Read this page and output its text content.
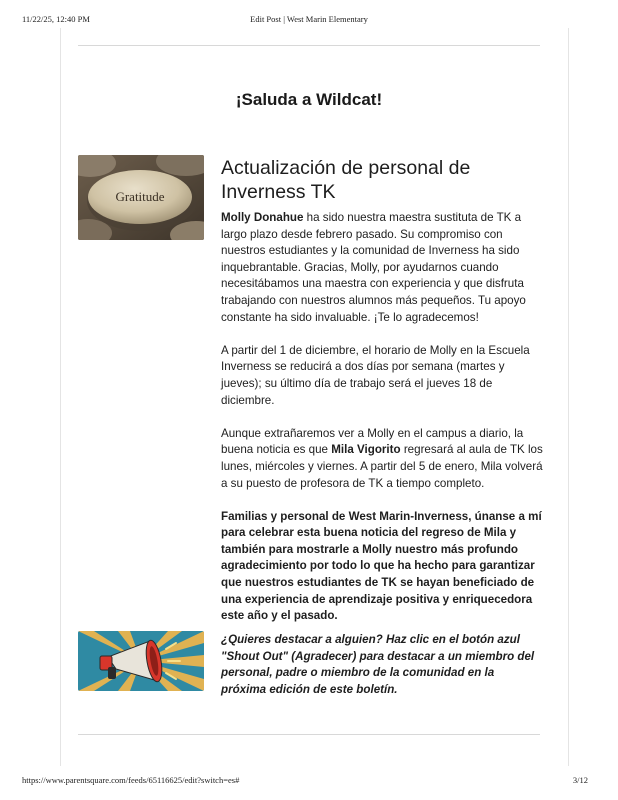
11/22/25, 12:40 PM	Edit Post | West Marin Elementary
¡Saluda a Wildcat!
Gratitude
Actualización de personal de Inverness TK

Molly Donahue ha sido nuestra maestra sustituta de TK a largo plazo desde febrero pasado. Su compromiso con nuestros estudiantes y la comunidad de Inverness ha sido inquebrantable. Gracias, Molly, por ayudarnos cuando necesitábamos una maestra con experiencia y que disfruta trabajando con nuestros alumnos más pequeños. Tu apoyo constante ha sido invaluable. ¡Te lo agradecemos!

A partir del 1 de diciembre, el horario de Molly en la Escuela Inverness se reducirá a dos días por semana (martes y jueves); su último día de trabajo será el jueves 18 de diciembre.

Aunque extrañaremos ver a Molly en el campus a diario, la buena noticia es que Mila Vigorito regresará al aula de TK los lunes, miércoles y viernes. A partir del 5 de enero, Mila volverá a su puesto de profesora de TK a tiempo completo.

Familias y personal de West Marin-Inverness, únanse a mí para celebrar esta buena noticia del regreso de Mila y también para mostrarle a Molly nuestro más profundo agradecimiento por todo lo que ha hecho para garantizar que nuestros estudiantes de TK se hayan beneficiado de una experiencia de aprendizaje positiva y enriquecedora este año y el pasado.

¿Quieres destacar a alguien? Haz clic en el botón azul "Shout Out" (Agradecer) para destacar a un miembro del personal, padre o miembro de la comunidad en la próxima edición de este boletín.
https://www.parentsquare.com/feeds/65116625/edit?switch=es#	3/12
